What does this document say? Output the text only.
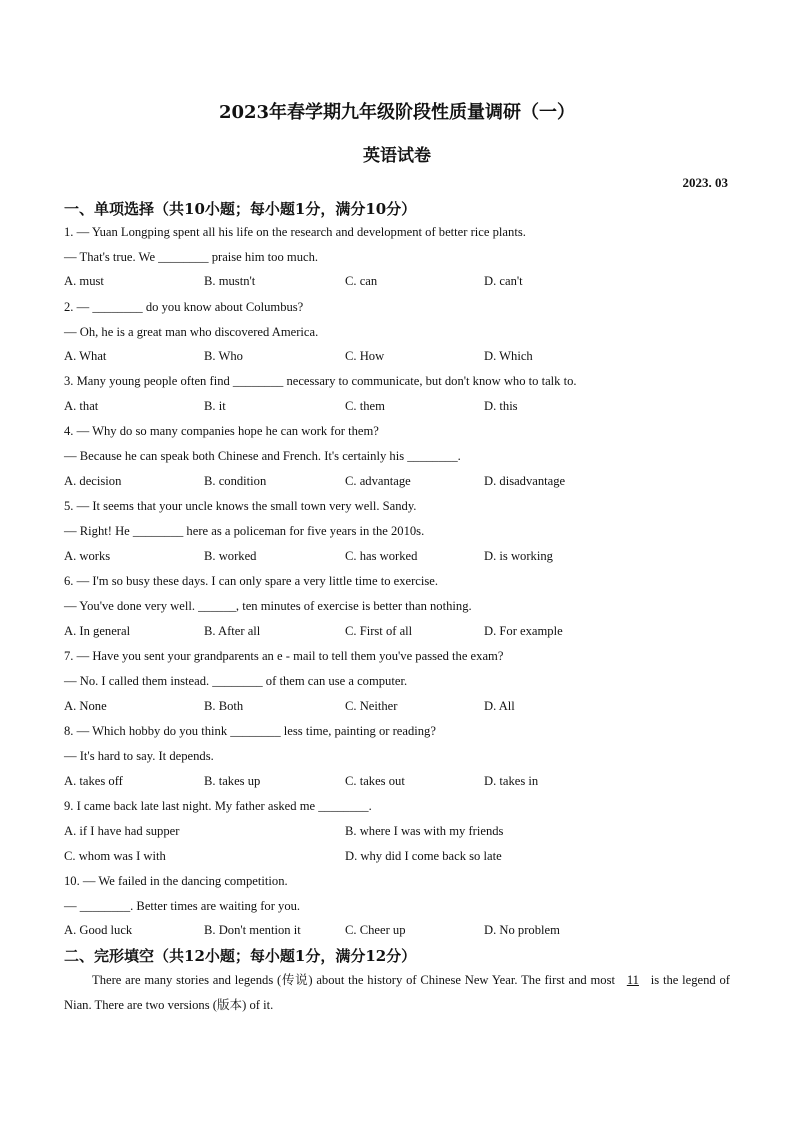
2023年春学期九年级阶段性质量调研（一）
英语试卷
2023. 03
一、单项选择（共10小题；每小题1分，满分10分）
1. — Yuan Longping spent all his life on the research and development of better rice plants.
— That's true. We ________ praise him too much.
A. must	B. mustn't	C. can	D. can't
2. — ________ do you know about Columbus?
— Oh, he is a great man who discovered America.
A. What	B. Who	C. How	D. Which
3. Many young people often find ________ necessary to communicate, but don't know who to talk to.
A. that	B. it	C. them	D. this
4. — Why do so many companies hope he can work for them?
— Because he can speak both Chinese and French. It's certainly his ________.
A. decision	B. condition	C. advantage	D. disadvantage
5. — It seems that your uncle knows the small town very well. Sandy.
— Right! He ________ here as a policeman for five years in the 2010s.
A. works	B. worked	C. has worked	D. is working
6. — I'm so busy these days. I can only spare a very little time to exercise.
— You've done very well. ______, ten minutes of exercise is better than nothing.
A. In general	B. After all	C. First of all	D. For example
7. — Have you sent your grandparents an e - mail to tell them you've passed the exam?
— No. I called them instead. ________ of them can use a computer.
A. None	B. Both	C. Neither	D. All
8. — Which hobby do you think ________ less time, painting or reading?
— It's hard to say. It depends.
A. takes off	B. takes up	C. takes out	D. takes in
9. I came back late last night. My father asked me ________.
A. if I have had supper	B. where I was with my friends
C. whom was I with	D. why did I come back so late
10. — We failed in the dancing competition.
— ________. Better times are waiting for you.
A. Good luck	B. Don't mention it	C. Cheer up	D. No problem
二、完形填空（共12小题；每小题1分，满分12分）
There are many stories and legends (传说) about the history of Chinese New Year. The first and most 11 is the legend of Nian. There are two versions (版本) of it.
